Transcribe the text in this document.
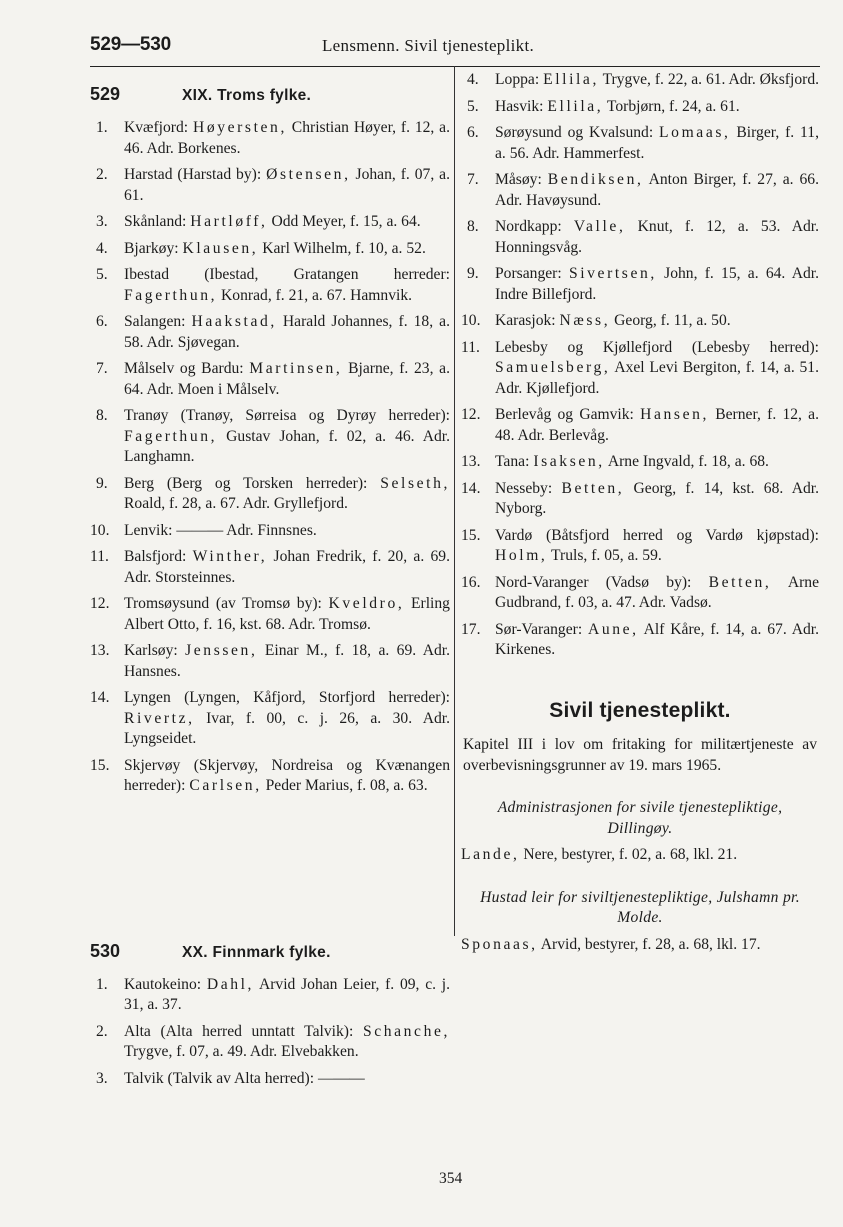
529—530	Lensmenn. Sivil tjenesteplikt.
529	XIX. Troms fylke.
1.	Kvæfjord: Høyersten, Christian Høyer, f. 12, a. 46. Adr. Borkenes.
2.	Harstad (Harstad by): Østensen, Johan, f. 07, a. 61.
3.	Skånland: Hartløff, Odd Meyer, f. 15, a. 64.
4.	Bjarkøy: Klausen, Karl Wilhelm, f. 10, a. 52.
5.	Ibestad (Ibestad, Gratangen herreder: Fagerthun, Konrad, f. 21, a. 67. Hamnvik.
6.	Salangen: Haakstad, Harald Johannes, f. 18, a. 58. Adr. Sjøvegan.
7.	Målselv og Bardu: Martinsen, Bjarne, f. 23, a. 64. Adr. Moen i Målselv.
8.	Tranøy (Tranøy, Sørreisa og Dyrøy herreder): Fagerthun, Gustav Johan, f. 02, a. 46. Adr. Langhamn.
9.	Berg (Berg og Torsken herreder): Selseth, Roald, f. 28, a. 67. Adr. Gryllefjord.
10. Lenvik: ——— Adr. Finnsnes.
11. Balsfjord: Winther, Johan Fredrik, f. 20, a. 69. Adr. Storsteinnes.
12. Tromsøysund (av Tromsø by): Kveldro, Erling Albert Otto, f. 16, kst. 68. Adr. Tromsø.
13. Karlsøy: Jenssen, Einar M., f. 18, a. 69. Adr. Hansnes.
14. Lyngen (Lyngen, Kåfjord, Storfjord herreder): Rivertz, Ivar, f. 00, c. j. 26, a. 30. Adr. Lyngseidet.
15. Skjervøy (Skjervøy, Nordreisa og Kvænangen herreder): Carlsen, Peder Marius, f. 08, a. 63.
530	XX. Finnmark fylke.
1.	Kautokeino: Dahl, Arvid Johan Leier, f. 09, c. j. 31, a. 37.
2.	Alta (Alta herred unntatt Talvik): Schanche, Trygve, f. 07, a. 49. Adr. Elvebakken.
3.	Talvik (Talvik av Alta herred): ———
4.	Loppa: Ellila, Trygve, f. 22, a. 61. Adr. Øksfjord.
5.	Hasvik: Ellila, Torbjørn, f. 24, a. 61.
6.	Sørøysund og Kvalsund: Lomaas, Birger, f. 11, a. 56. Adr. Hammerfest.
7.	Måsøy: Bendiksen, Anton Birger, f. 27, a. 66. Adr. Havøysund.
8.	Nordkapp: Valle, Knut, f. 12, a. 53. Adr. Honningsvåg.
9.	Porsanger: Sivertsen, John, f. 15, a. 64. Adr. Indre Billefjord.
10. Karasjok: Næss, Georg, f. 11, a. 50.
11. Lebesby og Kjøllefjord (Lebesby herred): Samuelsberg, Axel Levi Bergiton, f. 14, a. 51. Adr. Kjøllefjord.
12. Berlevåg og Gamvik: Hansen, Berner, f. 12, a. 48. Adr. Berlevåg.
13. Tana: Isaksen, Arne Ingvald, f. 18, a. 68.
14. Nesseby: Betten, Georg, f. 14, kst. 68. Adr. Nyborg.
15. Vardø (Båtsfjord herred og Vardø kjøpstad): Holm, Truls, f. 05, a. 59.
16. Nord-Varanger (Vadsø by): Betten, Arne Gudbrand, f. 03, a. 47. Adr. Vadsø.
17. Sør-Varanger: Aune, Alf Kåre, f. 14, a. 67. Adr. Kirkenes.
Sivil tjenesteplikt.
Kapitel III i lov om fritaking for militærtjeneste av overbevisningsgrunner av 19. mars 1965.
Administrasjonen for sivile tjenestepliktige, Dillingøy.
Lande, Nere, bestyrer, f. 02, a. 68, lkl. 21.
Hustad leir for siviltjenestepliktige, Julshamn pr. Molde.
Sponaas, Arvid, bestyrer, f. 28, a. 68, lkl. 17.
354
